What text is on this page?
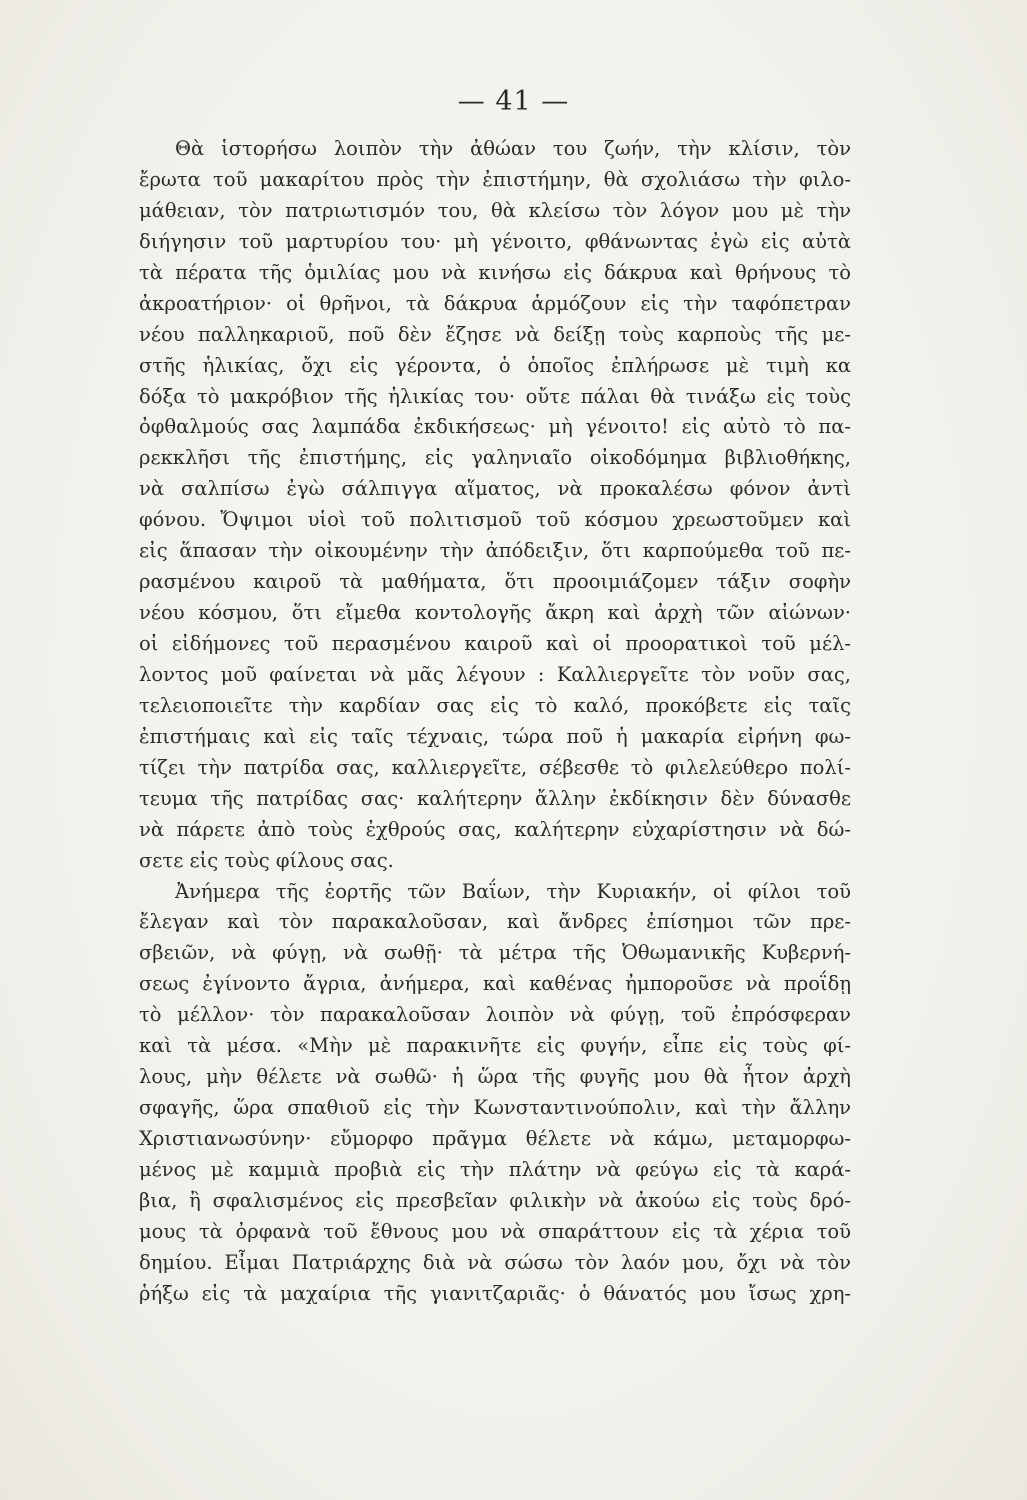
— 41 —
Θὰ ἱστορήσω λοιπὸν τὴν ἀθώαν του ζωήν, τὴν κλίσιν, τὸν
ἔρωτα τοῦ μακαρίτου πρὸς τὴν ἐπιστήμην, θὰ σχολιάσω τὴν φιλο-
μάθειαν, τὸν πατριωτισμόν του, θὰ κλείσω τὸν λόγον μου μὲ τὴν
διήγησιν τοῦ μαρτυρίου του· μὴ γένοιτο, φθάνωντας ἐγὼ εἰς αὐτὰ
τὰ πέρατα τῆς ὁμιλίας μου νὰ κινήσω εἰς δάκρυα καὶ θρήνους τὸ
ἀκροατήριον· οἱ θρῆνοι, τὰ δάκρυα ἁρμόζουν εἰς τὴν ταφόπετραν
νέου παλληκαριοῦ, ποῦ δὲν ἔζησε νὰ δείξῃ τοὺς καρποὺς τῆς με-
στῆς ἡλικίας, ὄχι εἰς γέροντα, ὁ ὁποῖος ἐπλήρωσε μὲ τιμὴ κα
δόξα τὸ μακρόβιον τῆς ἡλικίας του· οὔτε πάλαι θὰ τινάξω εἰς τοὺς
ὀφθαλμούς σας λαμπάδα ἐκδικήσεως· μὴ γένοιτο! εἰς αὐτὸ τὸ πα-
ρεκκλῆσι τῆς ἐπιστήμης, εἰς γαληνιαῖο οἰκοδόμημα βιβλιοθήκης,
νὰ σαλπίσω ἐγὼ σάλπιγγα αἵματος, νὰ προκαλέσω φόνον ἀντὶ
φόνου. Ὄψιμοι υἱοὶ τοῦ πολιτισμοῦ τοῦ κόσμου χρεωστοῦμεν καὶ
εἰς ἅπασαν τὴν οἰκουμένην τὴν ἀπόδειξιν, ὅτι καρπούμεθα τοῦ πε-
ρασμένου καιροῦ τὰ μαθήματα, ὅτι προοιμιάζομεν τάξιν σοφὴν
νέου κόσμου, ὅτι εἴμεθα κοντολογῆς ἄκρη καὶ ἀρχὴ τῶν αἰώνων·
οἱ εἰδήμονες τοῦ περασμένου καιροῦ καὶ οἱ προορατικοὶ τοῦ μέλ-
λοντος μοῦ φαίνεται νὰ μᾶς λέγουν : Καλλιεργεῖτε τὸν νοῦν σας,
τελειοποιεῖτε τὴν καρδίαν σας εἰς τὸ καλό, προκόβετε εἰς ταῖς
ἐπιστήμαις καὶ εἰς ταῖς τέχναις, τώρα ποῦ ἡ μακαρία εἰρήνη φω-
τίζει τὴν πατρίδα σας, καλλιεργεῖτε, σέβεσθε τὸ φιλελεύθερο πολί-
τευμα τῆς πατρίδας σας· καλήτερην ἄλλην ἐκδίκησιν δὲν δύνασθε
νὰ πάρετε ἀπὸ τοὺς ἐχθρούς σας, καλήτερην εὐχαρίστησιν νὰ δώ-
σετε εἰς τοὺς φίλους σας.
Ἀνήμερα τῆς ἑορτῆς τῶν Βαΐων, τὴν Κυριακήν, οἱ φίλοι τοῦ
ἔλεγαν καὶ τὸν παρακαλοῦσαν, καὶ ἄνδρες ἐπίσημοι τῶν πρε-
σβειῶν, νὰ φύγῃ, νὰ σωθῇ· τὰ μέτρα τῆς Ὀθωμανικῆς Κυβερνή-
σεως ἐγίνοντο ἄγρια, ἀνήμερα, καὶ καθένας ἠμποροῦσε νὰ προΐδῃ
τὸ μέλλον· τὸν παρακαλοῦσαν λοιπὸν νὰ φύγῃ, τοῦ ἐπρόσφεραν
καὶ τὰ μέσα. «Μὴν μὲ παρακινῆτε εἰς φυγήν, εἶπε εἰς τοὺς φί-
λους, μὴν θέλετε νὰ σωθῶ· ἡ ὥρα τῆς φυγῆς μου θὰ ἦτον ἀρχὴ
σφαγῆς, ὥρα σπαθιοῦ εἰς τὴν Κωνσταντινούπολιν, καὶ τὴν ἄλλην
Χριστιανωσύνην· εὔμορφο πρᾶγμα θέλετε νὰ κάμω, μεταμορφω-
μένος μὲ καμμιὰ προβιὰ εἰς τὴν πλάτην νὰ φεύγω εἰς τὰ καρά-
βια, ἢ σφαλισμένος εἰς πρεσβεῖαν φιλικὴν νὰ ἀκούω εἰς τοὺς δρό-
μους τὰ ὀρφανὰ τοῦ ἔθνους μου νὰ σπαράττουν εἰς τὰ χέρια τοῦ
δημίου. Εἶμαι Πατριάρχης διὰ νὰ σώσω τὸν λαόν μου, ὄχι νὰ τὸν
ῥήξω εἰς τὰ μαχαίρια τῆς γιανιτζαριᾶς· ὁ θάνατός μου ἴσως χρη-
